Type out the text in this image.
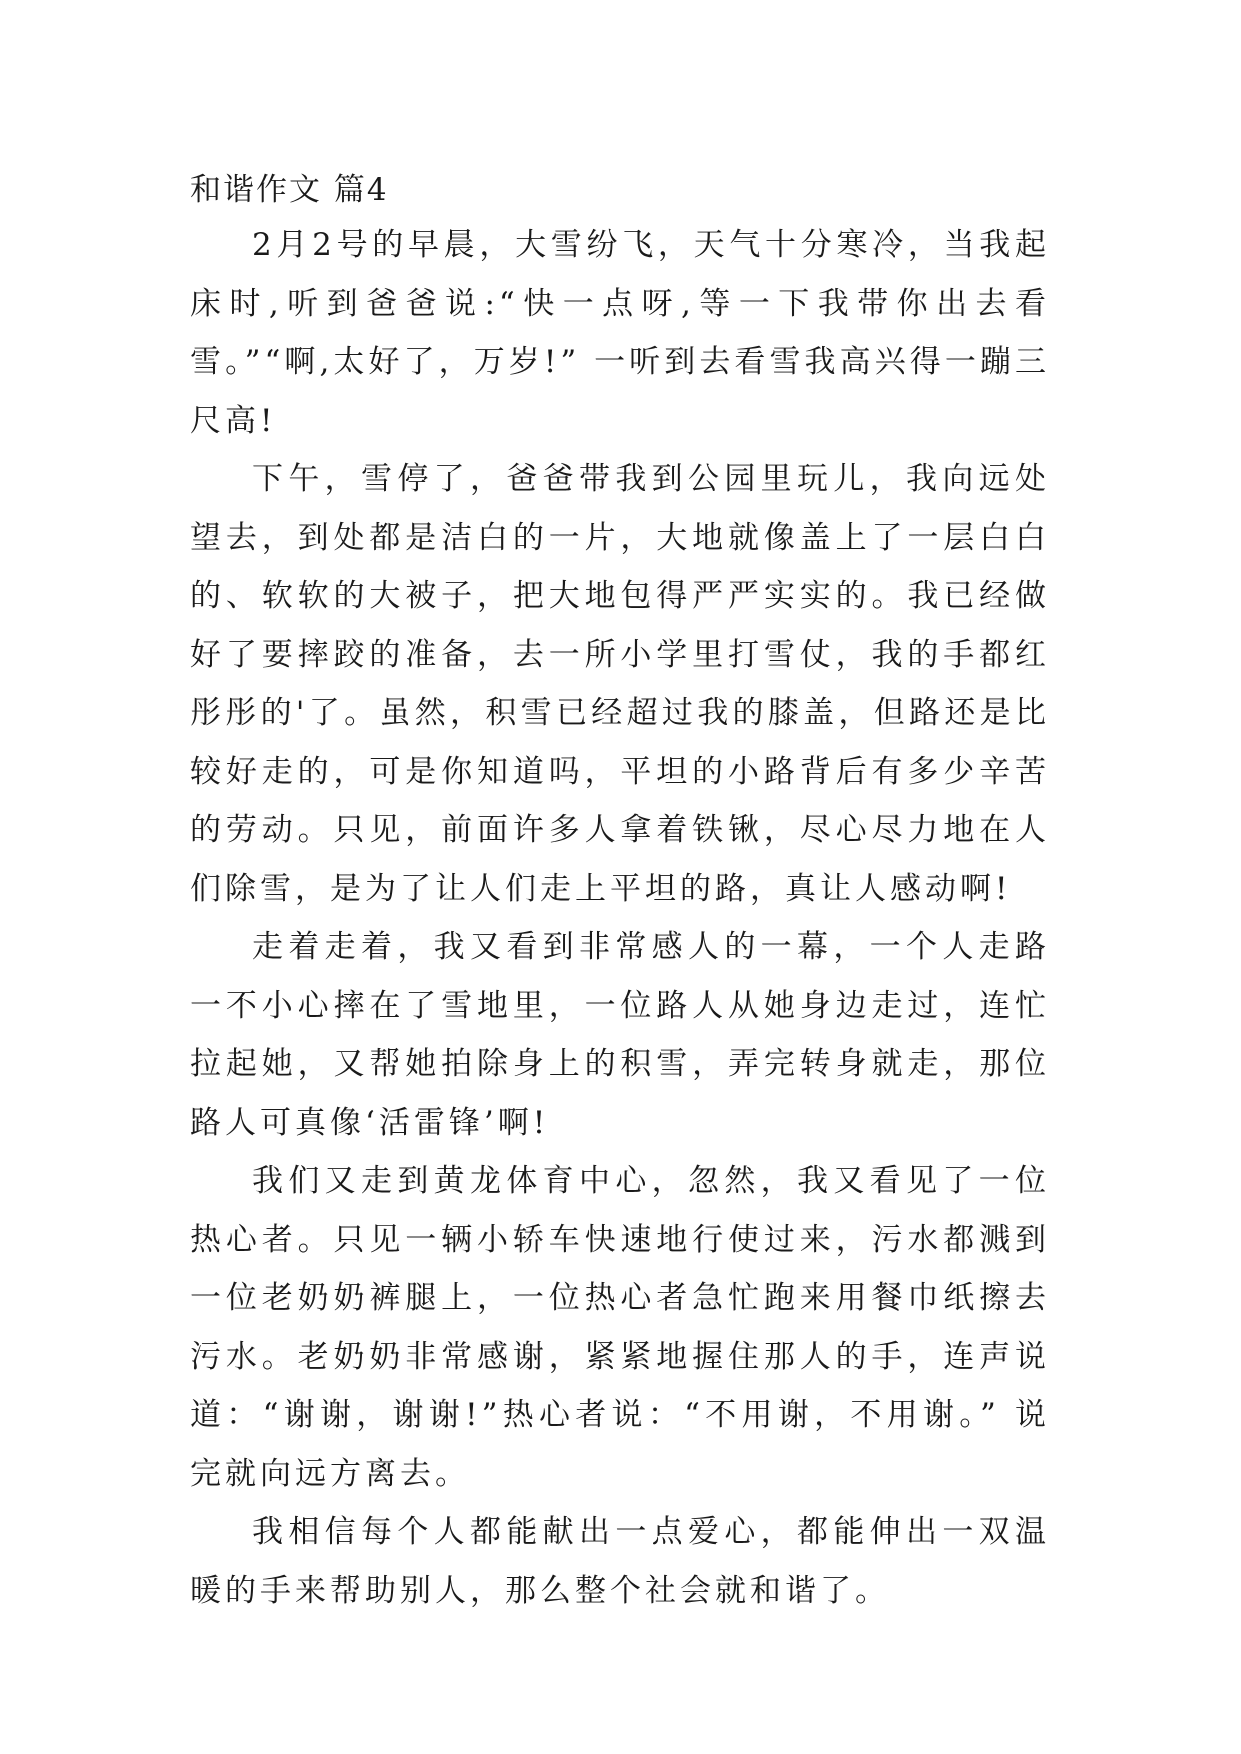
和谐作文 篇4

2月2号的早晨，大雪纷飞，天气十分寒冷，当我起床时,听到爸爸说:“快一点呀,等一下我带你出去看雪。”“啊,太好了，万岁!” 一听到去看雪我高兴得一蹦三尺高!

下午，雪停了，爸爸带我到公园里玩儿，我向远处望去，到处都是洁白的一片，大地就像盖上了一层白白的、软软的大被子，把大地包得严严实实的。我已经做好了要摔跤的准备，去一所小学里打雪仗，我的手都红彤彤的'了。虽然，积雪已经超过我的膝盖，但路还是比较好走的，可是你知道吗，平坦的小路背后有多少辛苦的劳动。只见，前面许多人拿着铁锹，尽心尽力地在人们除雪，是为了让人们走上平坦的路，真让人感动啊!

走着走着，我又看到非常感人的一幕，一个人走路一不小心摔在了雪地里，一位路人从她身边走过，连忙拉起她，又帮她拍除身上的积雪，弄完转身就走，那位路人可真像‘活雷锋’啊!

我们又走到黄龙体育中心，忽然，我又看见了一位热心者。只见一辆小轿车快速地行使过来，污水都溅到一位老奶奶裤腿上，一位热心者急忙跑来用餐巾纸擦去污水。老奶奶非常感谢，紧紧地握住那人的手，连声说道：“谢谢，谢谢!”热心者说：“不用谢，不用谢。” 说完就向远方离去。

我相信每个人都能献出一点爱心，都能伸出一双温暖的手来帮助别人，那么整个社会就和谐了。
